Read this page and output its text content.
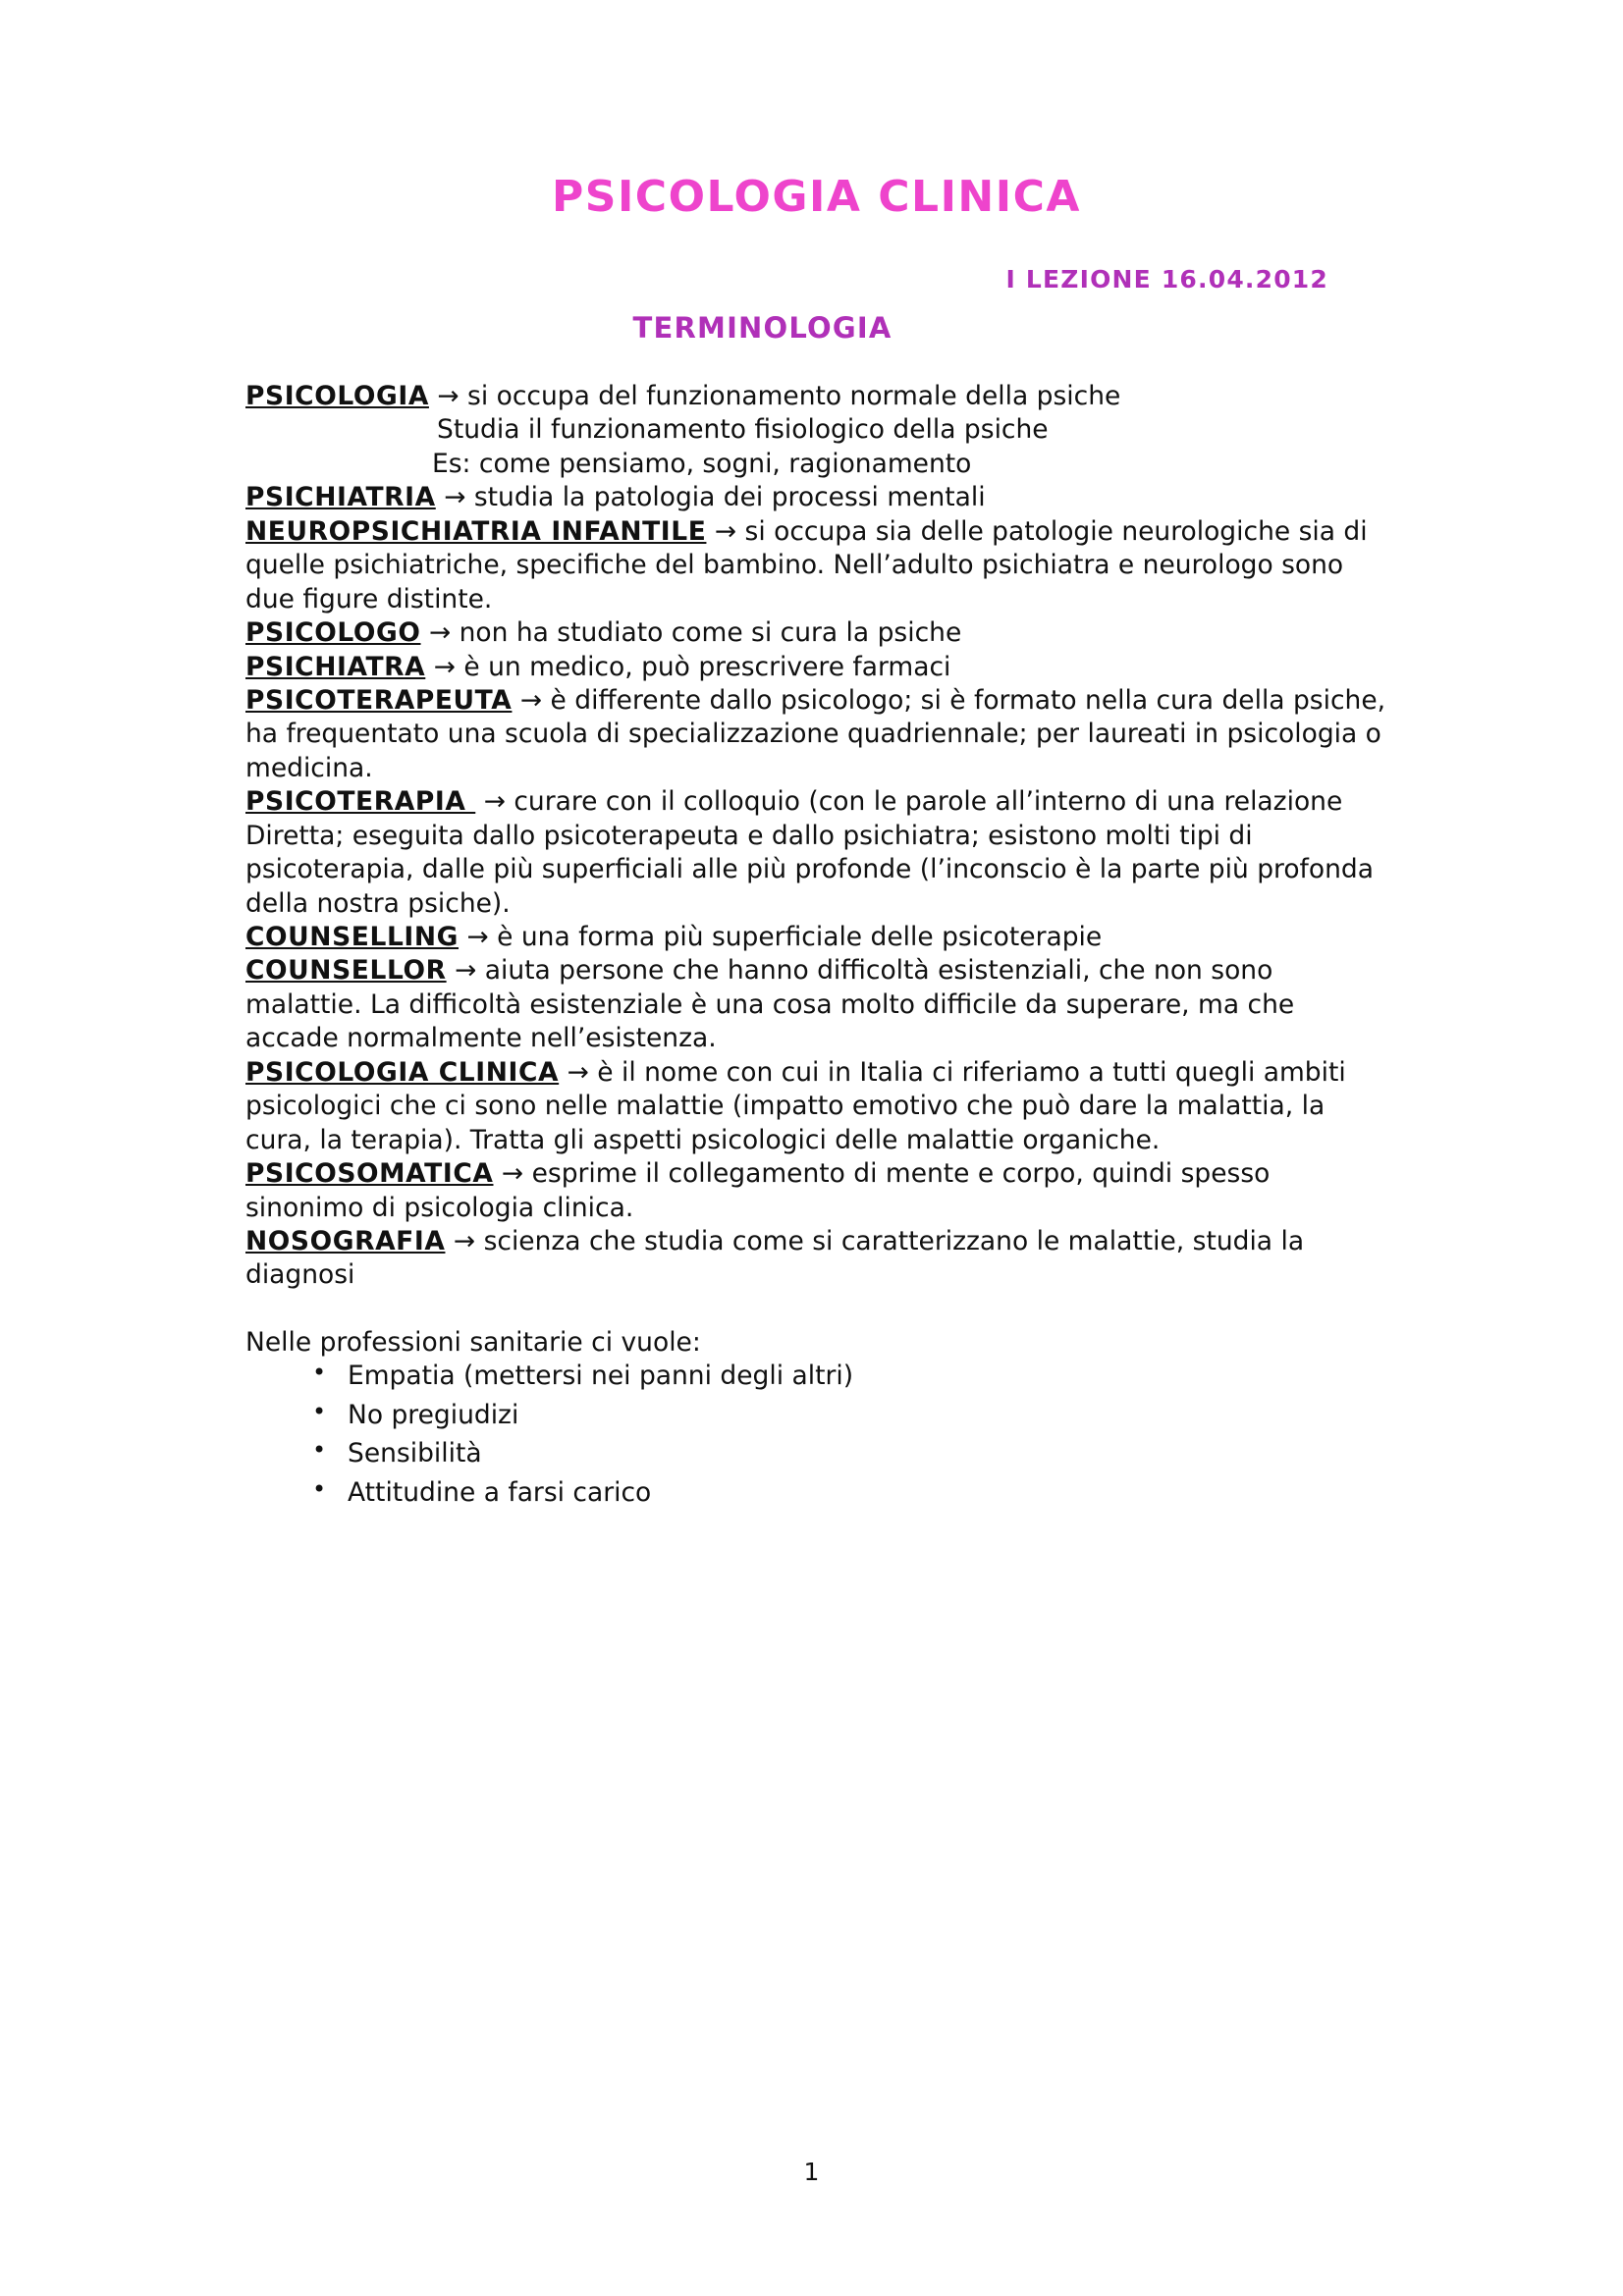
PSICOLOGIA CLINICA
I LEZIONE 16.04.2012
TERMINOLOGIA

PSICOLOGIA → si occupa del funzionamento normale della psiche
Studia il funzionamento fisiologico della psiche
Es: come pensiamo, sogni, ragionamento

PSICHIATRIA → studia la patologia dei processi mentali

NEUROPSICHIATRIA INFANTILE → si occupa sia delle patologie neurologiche sia di quelle psichiatriche, specifiche del bambino. Nell’adulto psichiatra e neurologo sono due figure distinte.

PSICOLOGO → non ha studiato come si cura la psiche

PSICHIATRA → è un medico, può prescrivere farmaci

PSICOTERAPEUTA → è differente dallo psicologo; si è formato nella cura della psiche, ha frequentato una scuola di specializzazione quadriennale; per laureati in psicologia o medicina.

PSICOTERAPIA  → curare con il colloquio (con le parole all’interno di una relazione

Diretta; eseguita dallo psicoterapeuta e dallo psichiatra; esistono molti tipi di psicoterapia, dalle più superficiali alle più profonde (l’inconscio è la parte più profonda della nostra psiche).

COUNSELLING → è una forma più superficiale delle psicoterapie

COUNSELLOR → aiuta persone che hanno difficoltà esistenziali, che non sono malattie. La difficoltà esistenziale è una cosa molto difficile da superare, ma che accade normalmente nell’esistenza.

PSICOLOGIA CLINICA → è il nome con cui in Italia ci riferiamo a tutti quegli ambiti psicologici che ci sono nelle malattie (impatto emotivo che può dare la malattia, la cura, la terapia). Tratta gli aspetti psicologici delle malattie organiche.

PSICOSOMATICA → esprime il collegamento di mente e corpo, quindi spesso sinonimo di psicologia clinica.

NOSOGRAFIA → scienza che studia come si caratterizzano le malattie, studia la diagnosi

Nelle professioni sanitarie ci vuole:

• Empatia (mettersi nei panni degli altri)
• No pregiudizi
• Sensibilità
• Attitudine a farsi carico
1
